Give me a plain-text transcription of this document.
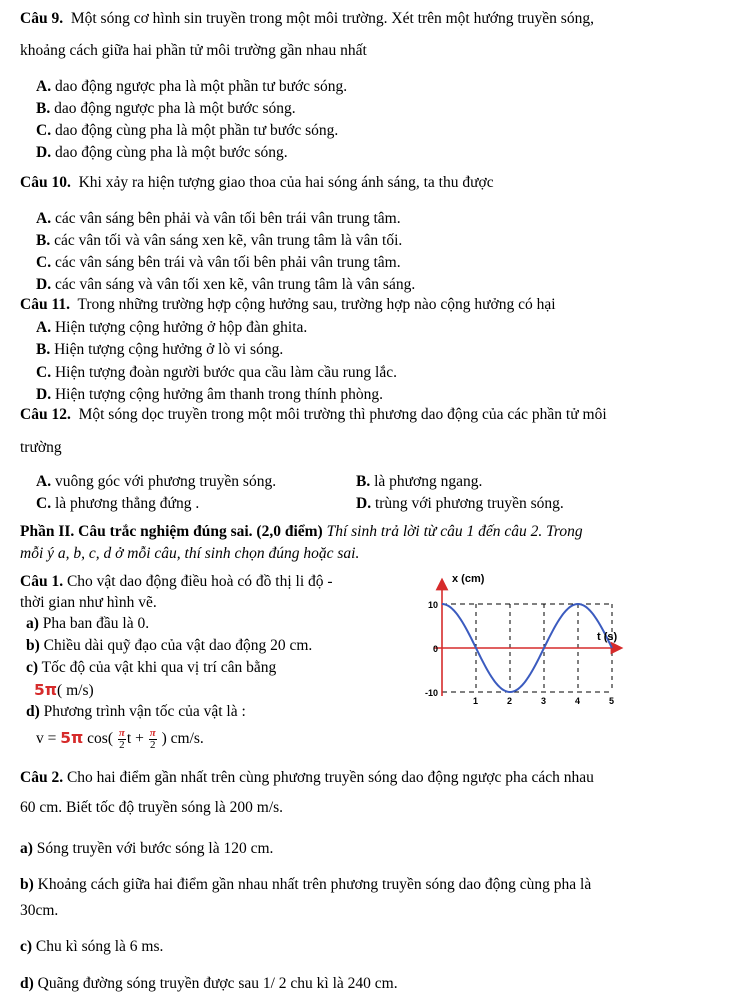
Câu 9. Một sóng cơ hình sin truyền trong một môi trường. Xét trên một hướng truyền sóng,
khoảng cách giữa hai phần tử môi trường gần nhau nhất
A. dao động ngược pha là một phần tư bước sóng.
B. dao động ngược pha là một bước sóng.
C. dao động cùng pha là một phần tư bước sóng.
D. dao động cùng pha là một bước sóng.
Câu 10. Khi xảy ra hiện tượng giao thoa của hai sóng ánh sáng, ta thu được
A. các vân sáng bên phải và vân tối bên trái vân trung tâm.
B. các vân tối và vân sáng xen kẽ, vân trung tâm là vân tối.
C. các vân sáng bên trái và vân tối bên phải vân trung tâm.
D. các vân sáng và vân tối xen kẽ, vân trung tâm là vân sáng.
Câu 11. Trong những trường hợp cộng hưởng sau, trường hợp nào cộng hưởng có hại
A. Hiện tượng cộng hưởng ở hộp đàn ghita.
B. Hiện tượng cộng hưởng ở lò vi sóng.
C. Hiện tượng đoàn người bước qua cầu làm cầu rung lắc.
D. Hiện tượng cộng hưởng âm thanh trong thính phòng.
Câu 12. Một sóng dọc truyền trong một môi trường thì phương dao động của các phần tử môi
trường
A. vuông góc với phương truyền sóng.	B. là phương ngang.
C. là phương thẳng đứng .	D. trùng với phương truyền sóng.
Phần II. Câu trắc nghiệm đúng sai. (2,0 điểm) Thí sinh trả lời từ câu 1 đến câu 2. Trong
mỗi ý a, b, c, d ở mỗi câu, thí sinh chọn đúng hoặc sai.
Câu 1. Cho vật dao động điều hoà có đồ thị li độ -
thời gian như hình vẽ.
a) Pha ban đầu là 0.
b) Chiều dài quỹ đạo của vật dao động 20 cm.
c) Tốc độ của vật khi qua vị trí cân bằng
5π( m/s)
d) Phương trình vận tốc của vật là :
v = 5π $\cos( \frac{\pi}{2}$ $t + \frac{\pi}{2}$ ) cm/s.
1	2	3	4	5
10
0
-10
x (cm)
t (s)
Câu 2. Cho hai điểm gần nhất trên cùng phương truyền sóng dao động ngược pha cách nhau
60 cm. Biết tốc độ truyền sóng là 200 m/s.
a) Sóng truyền với bước sóng là 120 cm.
b) Khoảng cách giữa hai điểm gần nhau nhất trên phương truyền sóng dao động cùng pha là
30cm.
c) Chu kì sóng là 6 ms.
d) Quãng đường sóng truyền được sau 1/ 2 chu kì là 240 cm.
